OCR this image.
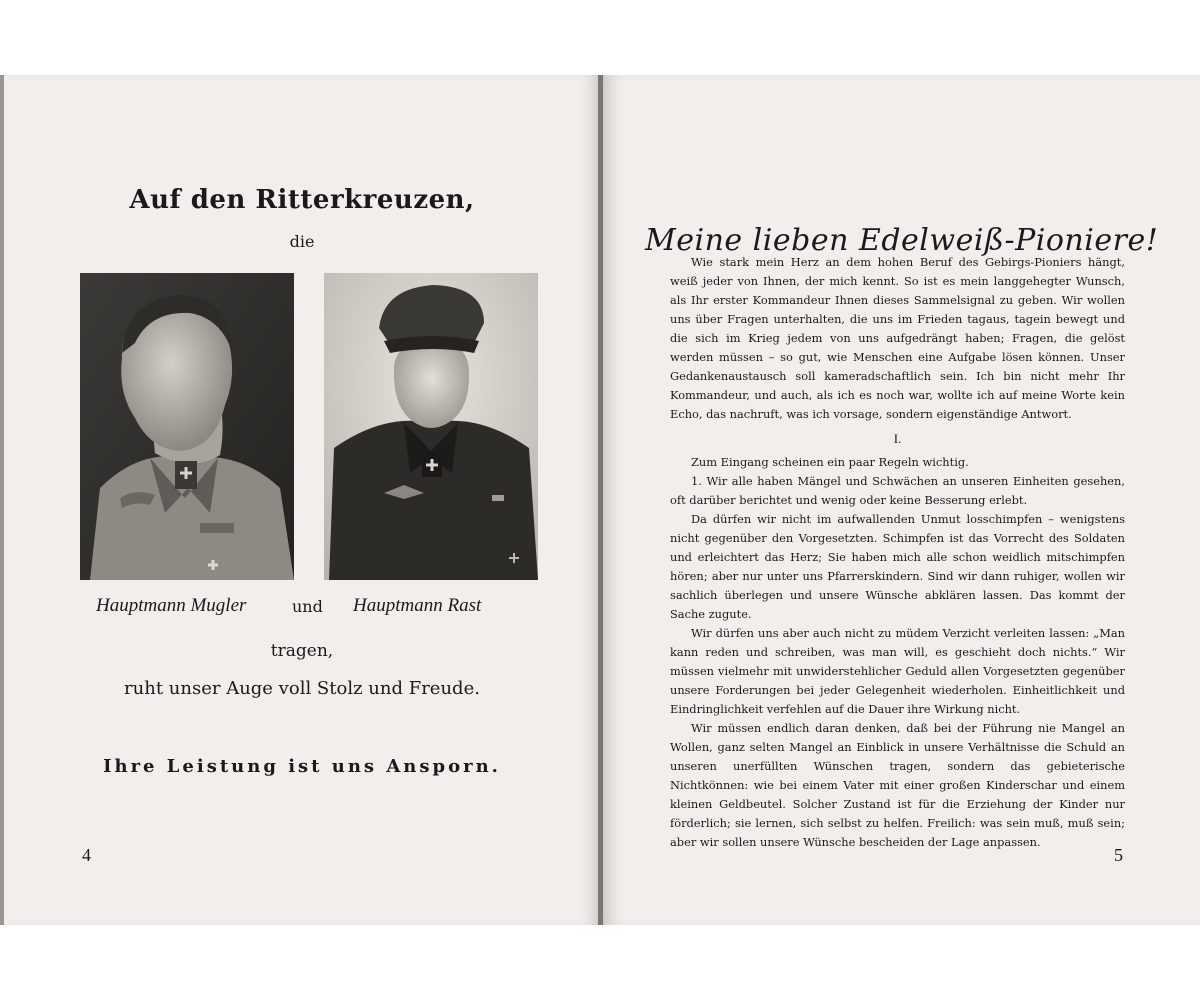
Auf den Ritterkreuzen,
die
Hauptmann Mugler	und Hauptmann Rast
tragen,
ruht unser Auge voll Stolz und Freude.
Ihre Leistung ist uns Ansporn.
4
Meine lieben Edelweiß-Pioniere!

Wie stark mein Herz an dem hohen Beruf des Gebirgs-Pioniers hängt, weiß jeder von Ihnen, der mich kennt. So ist es mein langgehegter Wunsch, als Ihr erster Kommandeur Ihnen dieses Sammelsignal zu geben. Wir wollen uns über Fragen unterhalten, die uns im Frieden tagaus, tagein bewegt und die sich im Krieg jedem von uns aufgedrängt haben; Fragen, die gelöst werden müssen – so gut, wie Menschen eine Aufgabe lösen können. Unser Gedankenaustausch soll kameradschaftlich sein. Ich bin nicht mehr Ihr Kommandeur, und auch, als ich es noch war, wollte ich auf meine Worte kein Echo, das nachruft, was ich vorsage, sondern eigenständige Antwort.

I.

Zum Eingang scheinen ein paar Regeln wichtig.

1. Wir alle haben Mängel und Schwächen an unseren Einheiten gesehen, oft darüber berichtet und wenig oder keine Besserung erlebt.

Da dürfen wir nicht im aufwallenden Unmut losschimpfen – wenigstens nicht gegenüber den Vorgesetzten. Schimpfen ist das Vorrecht des Soldaten und erleichtert das Herz; Sie haben mich alle schon weidlich mitschimpfen hören; aber nur unter uns Pfarrerskindern. Sind wir dann ruhiger, wollen wir sachlich überlegen und unsere Wünsche abklären lassen. Das kommt der Sache zugute.

Wir dürfen uns aber auch nicht zu müdem Verzicht verleiten lassen: „Man kann reden und schreiben, was man will, es geschieht doch nichts.“ Wir müssen vielmehr mit unwiderstehlicher Geduld allen Vorgesetzten gegenüber unsere Forderungen bei jeder Gelegenheit wiederholen. Einheitlichkeit und Eindringlichkeit verfehlen auf die Dauer ihre Wirkung nicht.

Wir müssen endlich daran denken, daß bei der Führung nie Mangel an Wollen, ganz selten Mangel an Einblick in unsere Verhältnisse die Schuld an unseren unerfüllten Wünschen tragen, sondern das gebieterische Nichtkönnen: wie bei einem Vater mit einer großen Kinderschar und einem kleinen Geldbeutel. Solcher Zustand ist für die Erziehung der Kinder nur förderlich; sie lernen, sich selbst zu helfen. Freilich: was sein muß, muß sein; aber wir sollen unsere Wünsche bescheiden der Lage anpassen.

5
